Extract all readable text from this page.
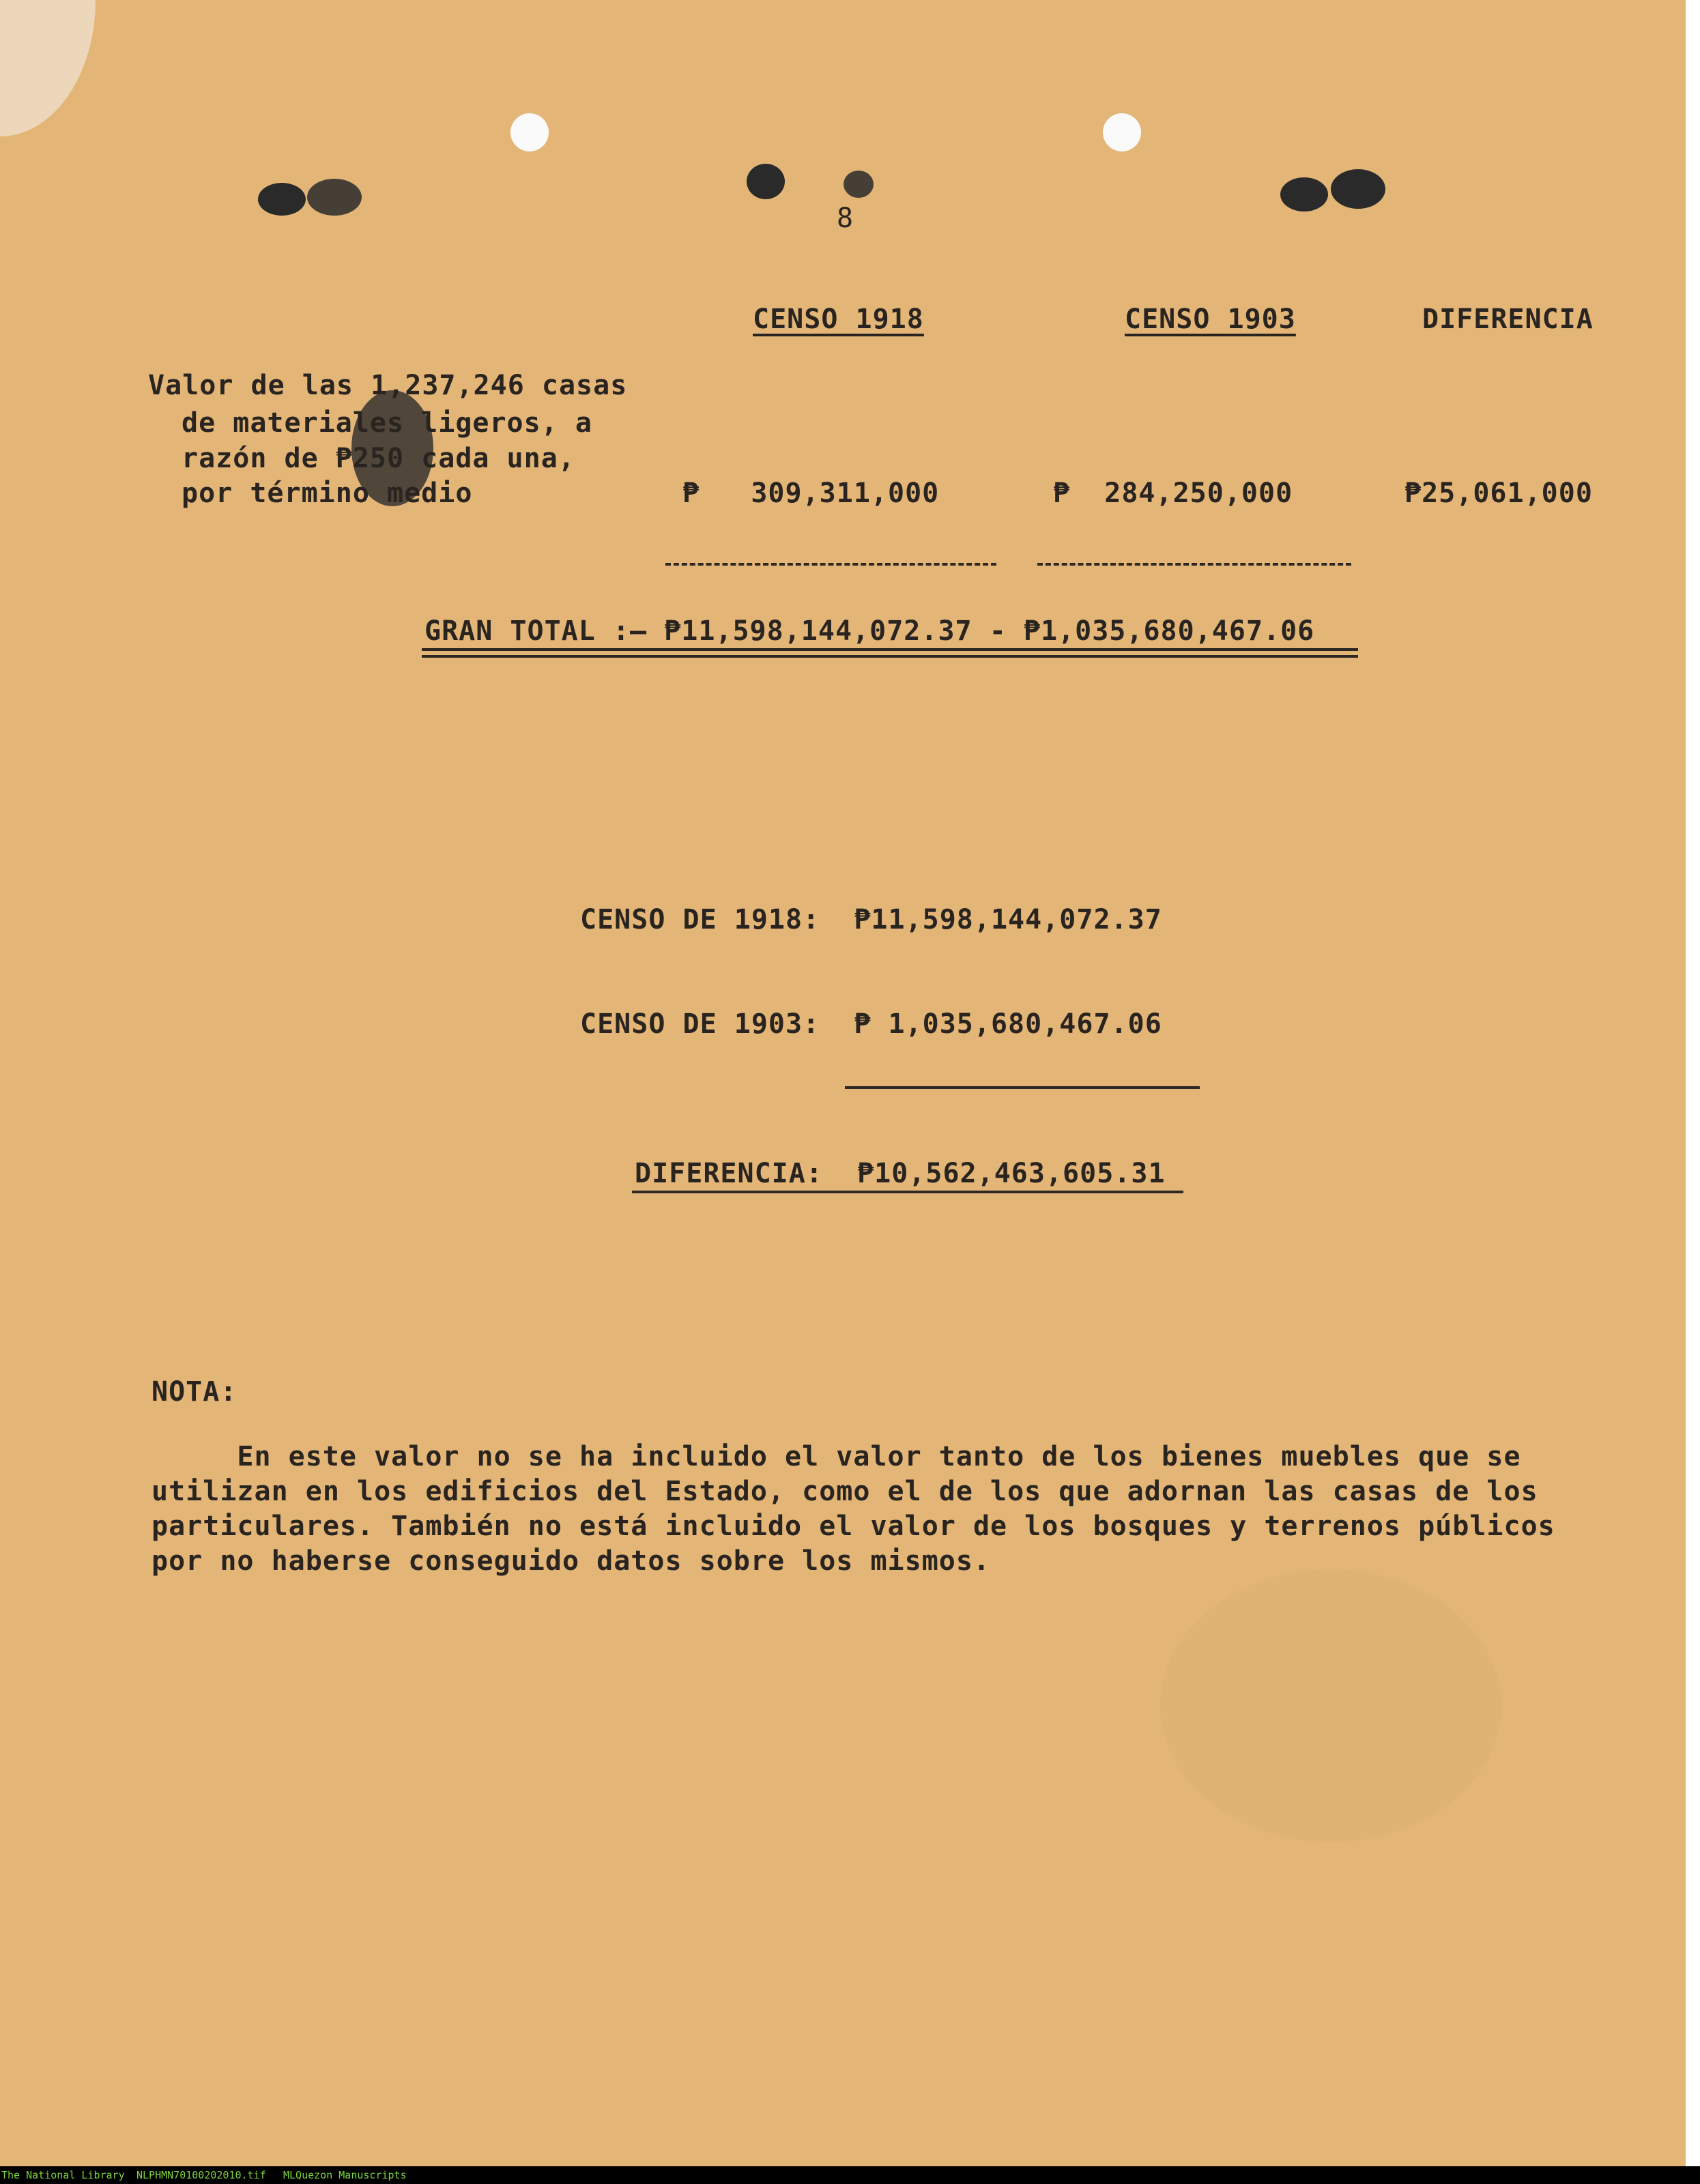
8
CENSO 1918	CENSO 1903	DIFERENCIA
Valor de las 1,237,246 casas
de materiales ligeros, a
razón de ₱250 cada una,
por término medio	₱   309,311,000	₱  284,250,000	₱25,061,000
GRAN TOTAL :— ₱11,598,144,072.37 - ₱1,035,680,467.06
CENSO DE 1918:  ₱11,598,144,072.37
CENSO DE 1903:  ₱ 1,035,680,467.06
DIFERENCIA:  ₱10,562,463,605.31
NOTA:
En este valor no se ha incluido el valor tanto de los bienes muebles que se
utilizan en los edificios del Estado, como el de los que adornan las casas de los
particulares. También no está incluido el valor de los bosques y terrenos públicos
por no haberse conseguido datos sobre los mismos.
The National Library NLPHMN70100202010.tif MLQuezon Manuscripts
